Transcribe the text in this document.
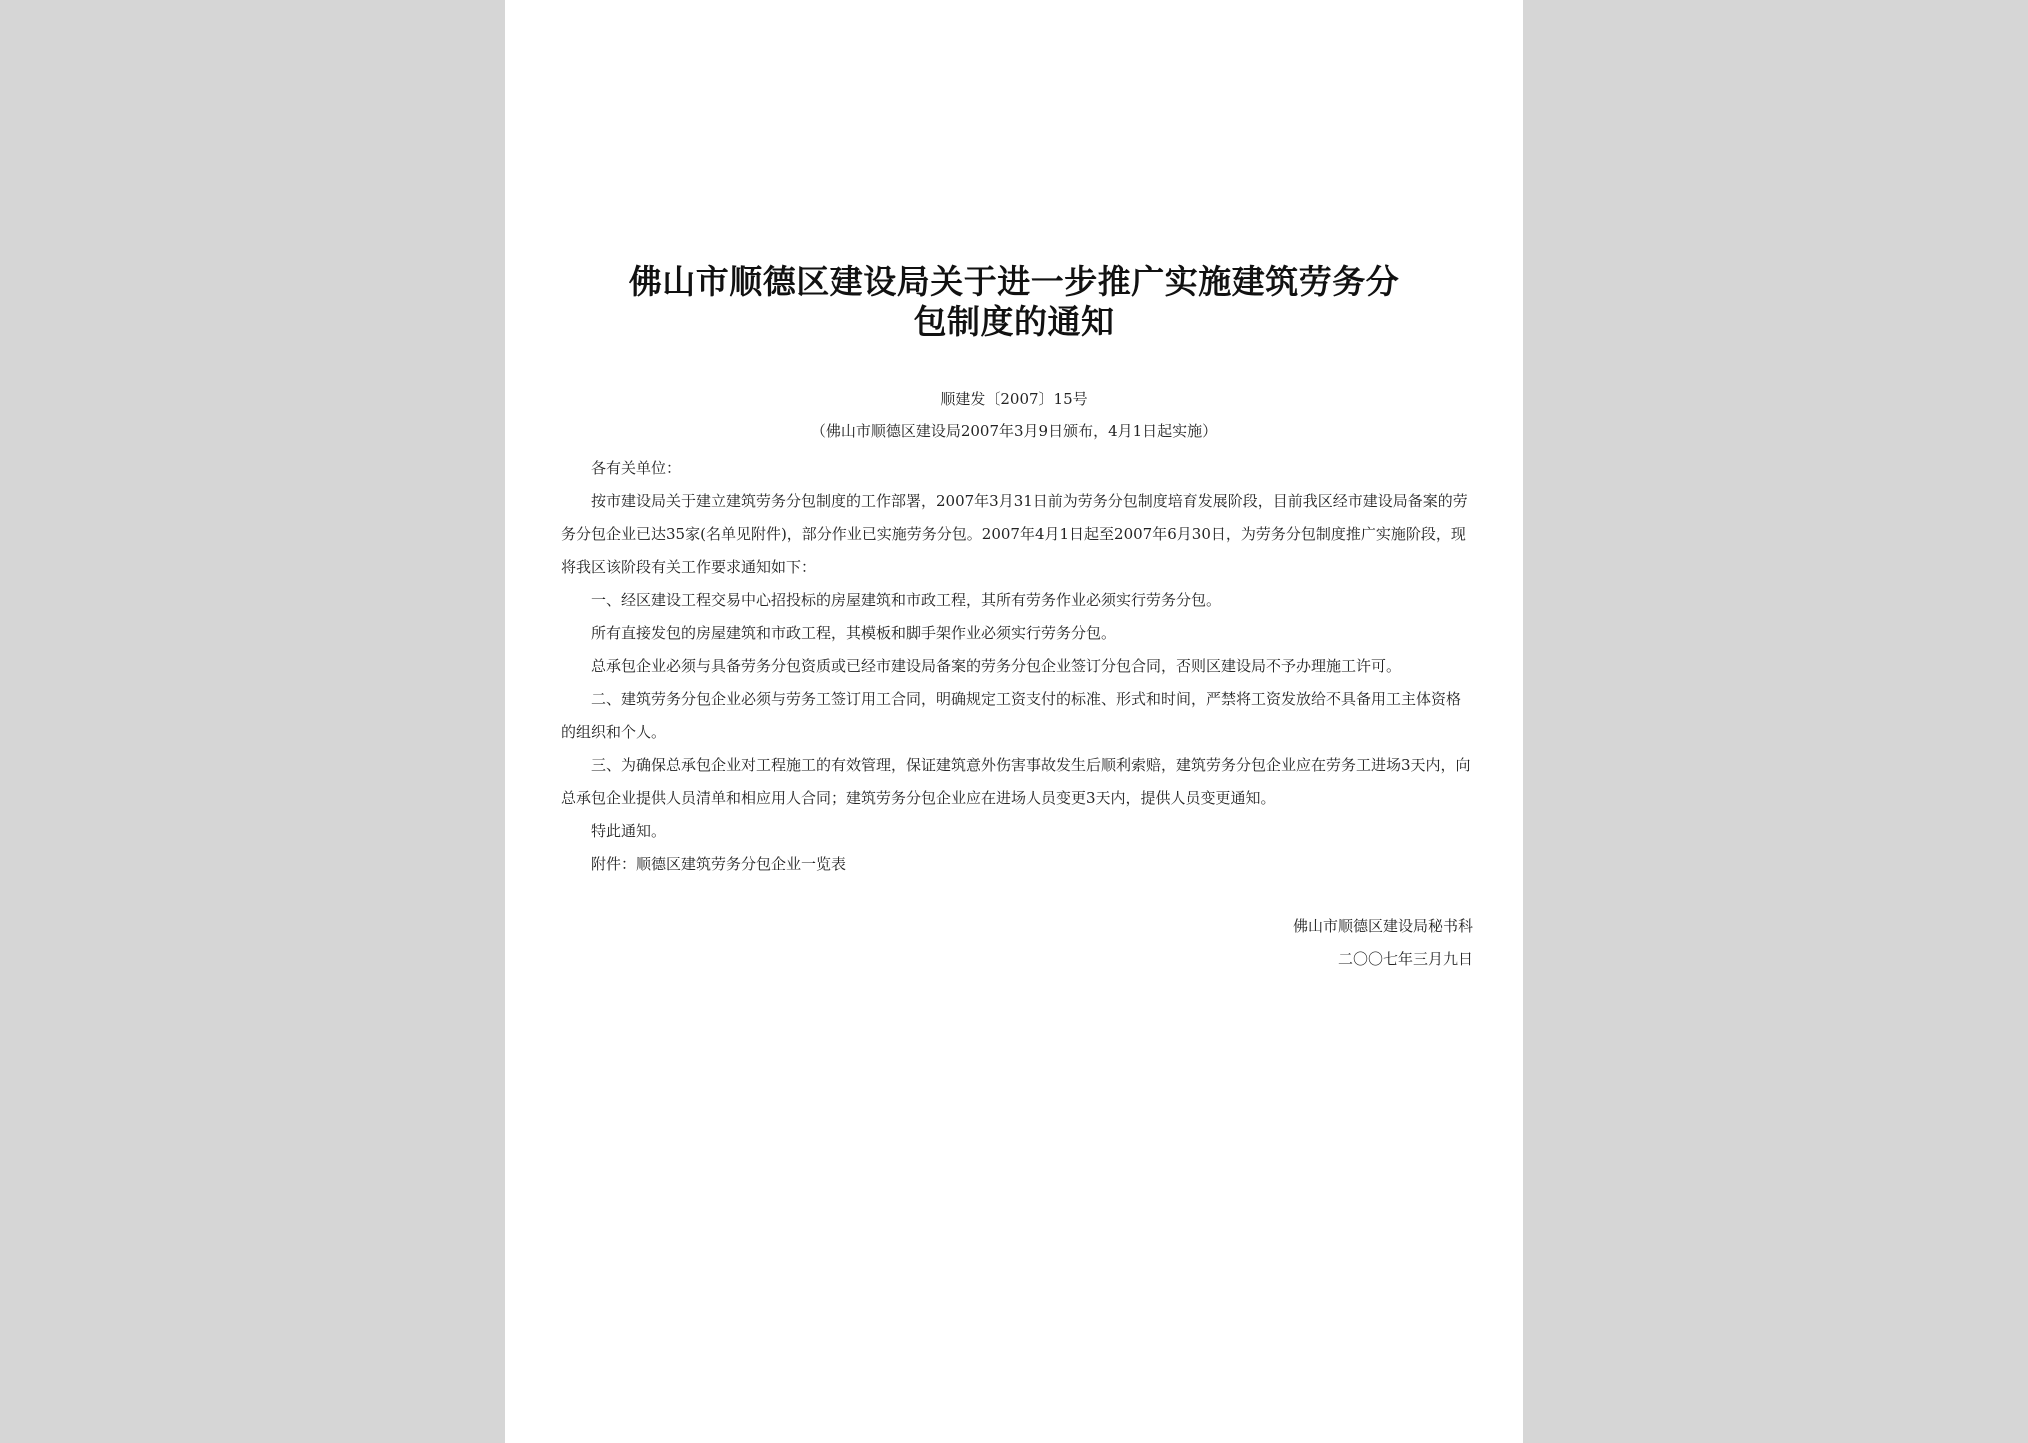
佛山市顺德区建设局关于进一步推广实施建筑劳务分
包制度的通知
顺建发〔2007〕15号
（佛山市顺德区建设局2007年3月9日颁布，4月1日起实施）

各有关单位：

按市建设局关于建立建筑劳务分包制度的工作部署，2007年3月31日前为劳务分包制度培育发展阶段，目前我区经市建设局备案的劳务分包企业已达35家(名单见附件)，部分作业已实施劳务分包。2007年4月1日起至2007年6月30日，为劳务分包制度推广实施阶段，现将我区该阶段有关工作要求通知如下：

一、经区建设工程交易中心招投标的房屋建筑和市政工程，其所有劳务作业必须实行劳务分包。

所有直接发包的房屋建筑和市政工程，其模板和脚手架作业必须实行劳务分包。

总承包企业必须与具备劳务分包资质或已经市建设局备案的劳务分包企业签订分包合同，否则区建设局不予办理施工许可。

二、建筑劳务分包企业必须与劳务工签订用工合同，明确规定工资支付的标准、形式和时间，严禁将工资发放给不具备用工主体资格的组织和个人。

三、为确保总承包企业对工程施工的有效管理，保证建筑意外伤害事故发生后顺利索赔，建筑劳务分包企业应在劳务工进场3天内，向总承包企业提供人员清单和相应用人合同；建筑劳务分包企业应在进场人员变更3天内，提供人员变更通知。

特此通知。

附件：顺德区建筑劳务分包企业一览表

佛山市顺德区建设局秘书科
二〇〇七年三月九日
